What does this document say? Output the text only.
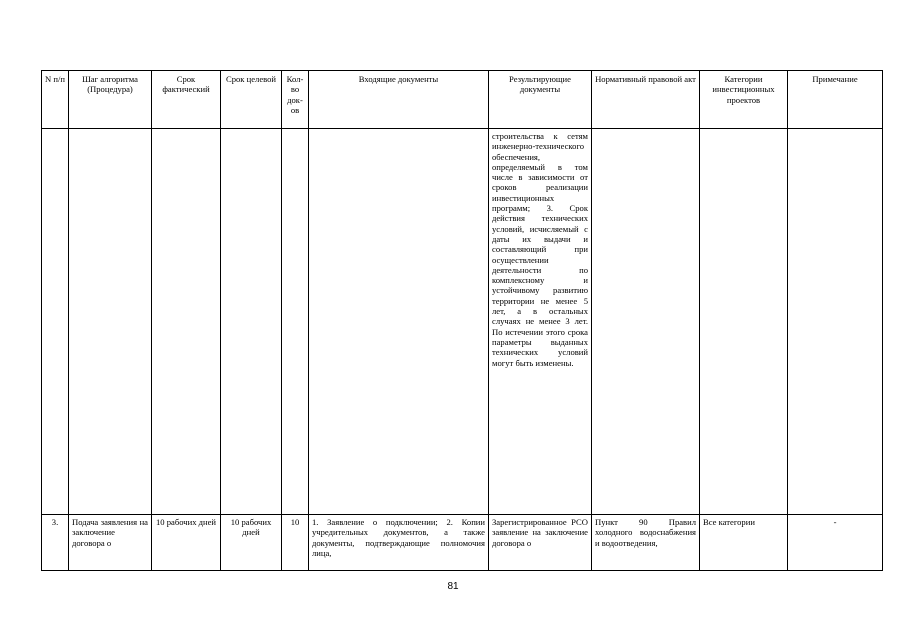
N п/п	Шаг алгоритма (Процедура)	Срок фактический	Срок целевой	Кол-во док-ов	Входящие документы	Результирующие документы	Нормативный правовой акт	Категории инвестиционных проектов	Примечание
						строительства к сетям инженерно-технического обеспечения, определяемый в том числе в зависимости от сроков реализации инвестиционных программ; 3. Срок действия технических условий, исчисляемый с даты их выдачи и составляющий при осуществлении деятельности по комплексному и устойчивому развитию территории не менее 5 лет, а в остальных случаях не менее 3 лет. По истечении этого срока параметры выданных технических условий могут быть изменены.			
3.	Подача заявления на заключение договора о	10 рабочих дней	10 рабочих дней	10	1. Заявление о подключении; 2. Копии учредительных документов, а также документы, подтверждающие полномочия лица,	Зарегистрированное РСО заявление на заключение договора о	Пункт 90 Правил холодного водоснабжения и водоотведения,	Все категории	-
81
